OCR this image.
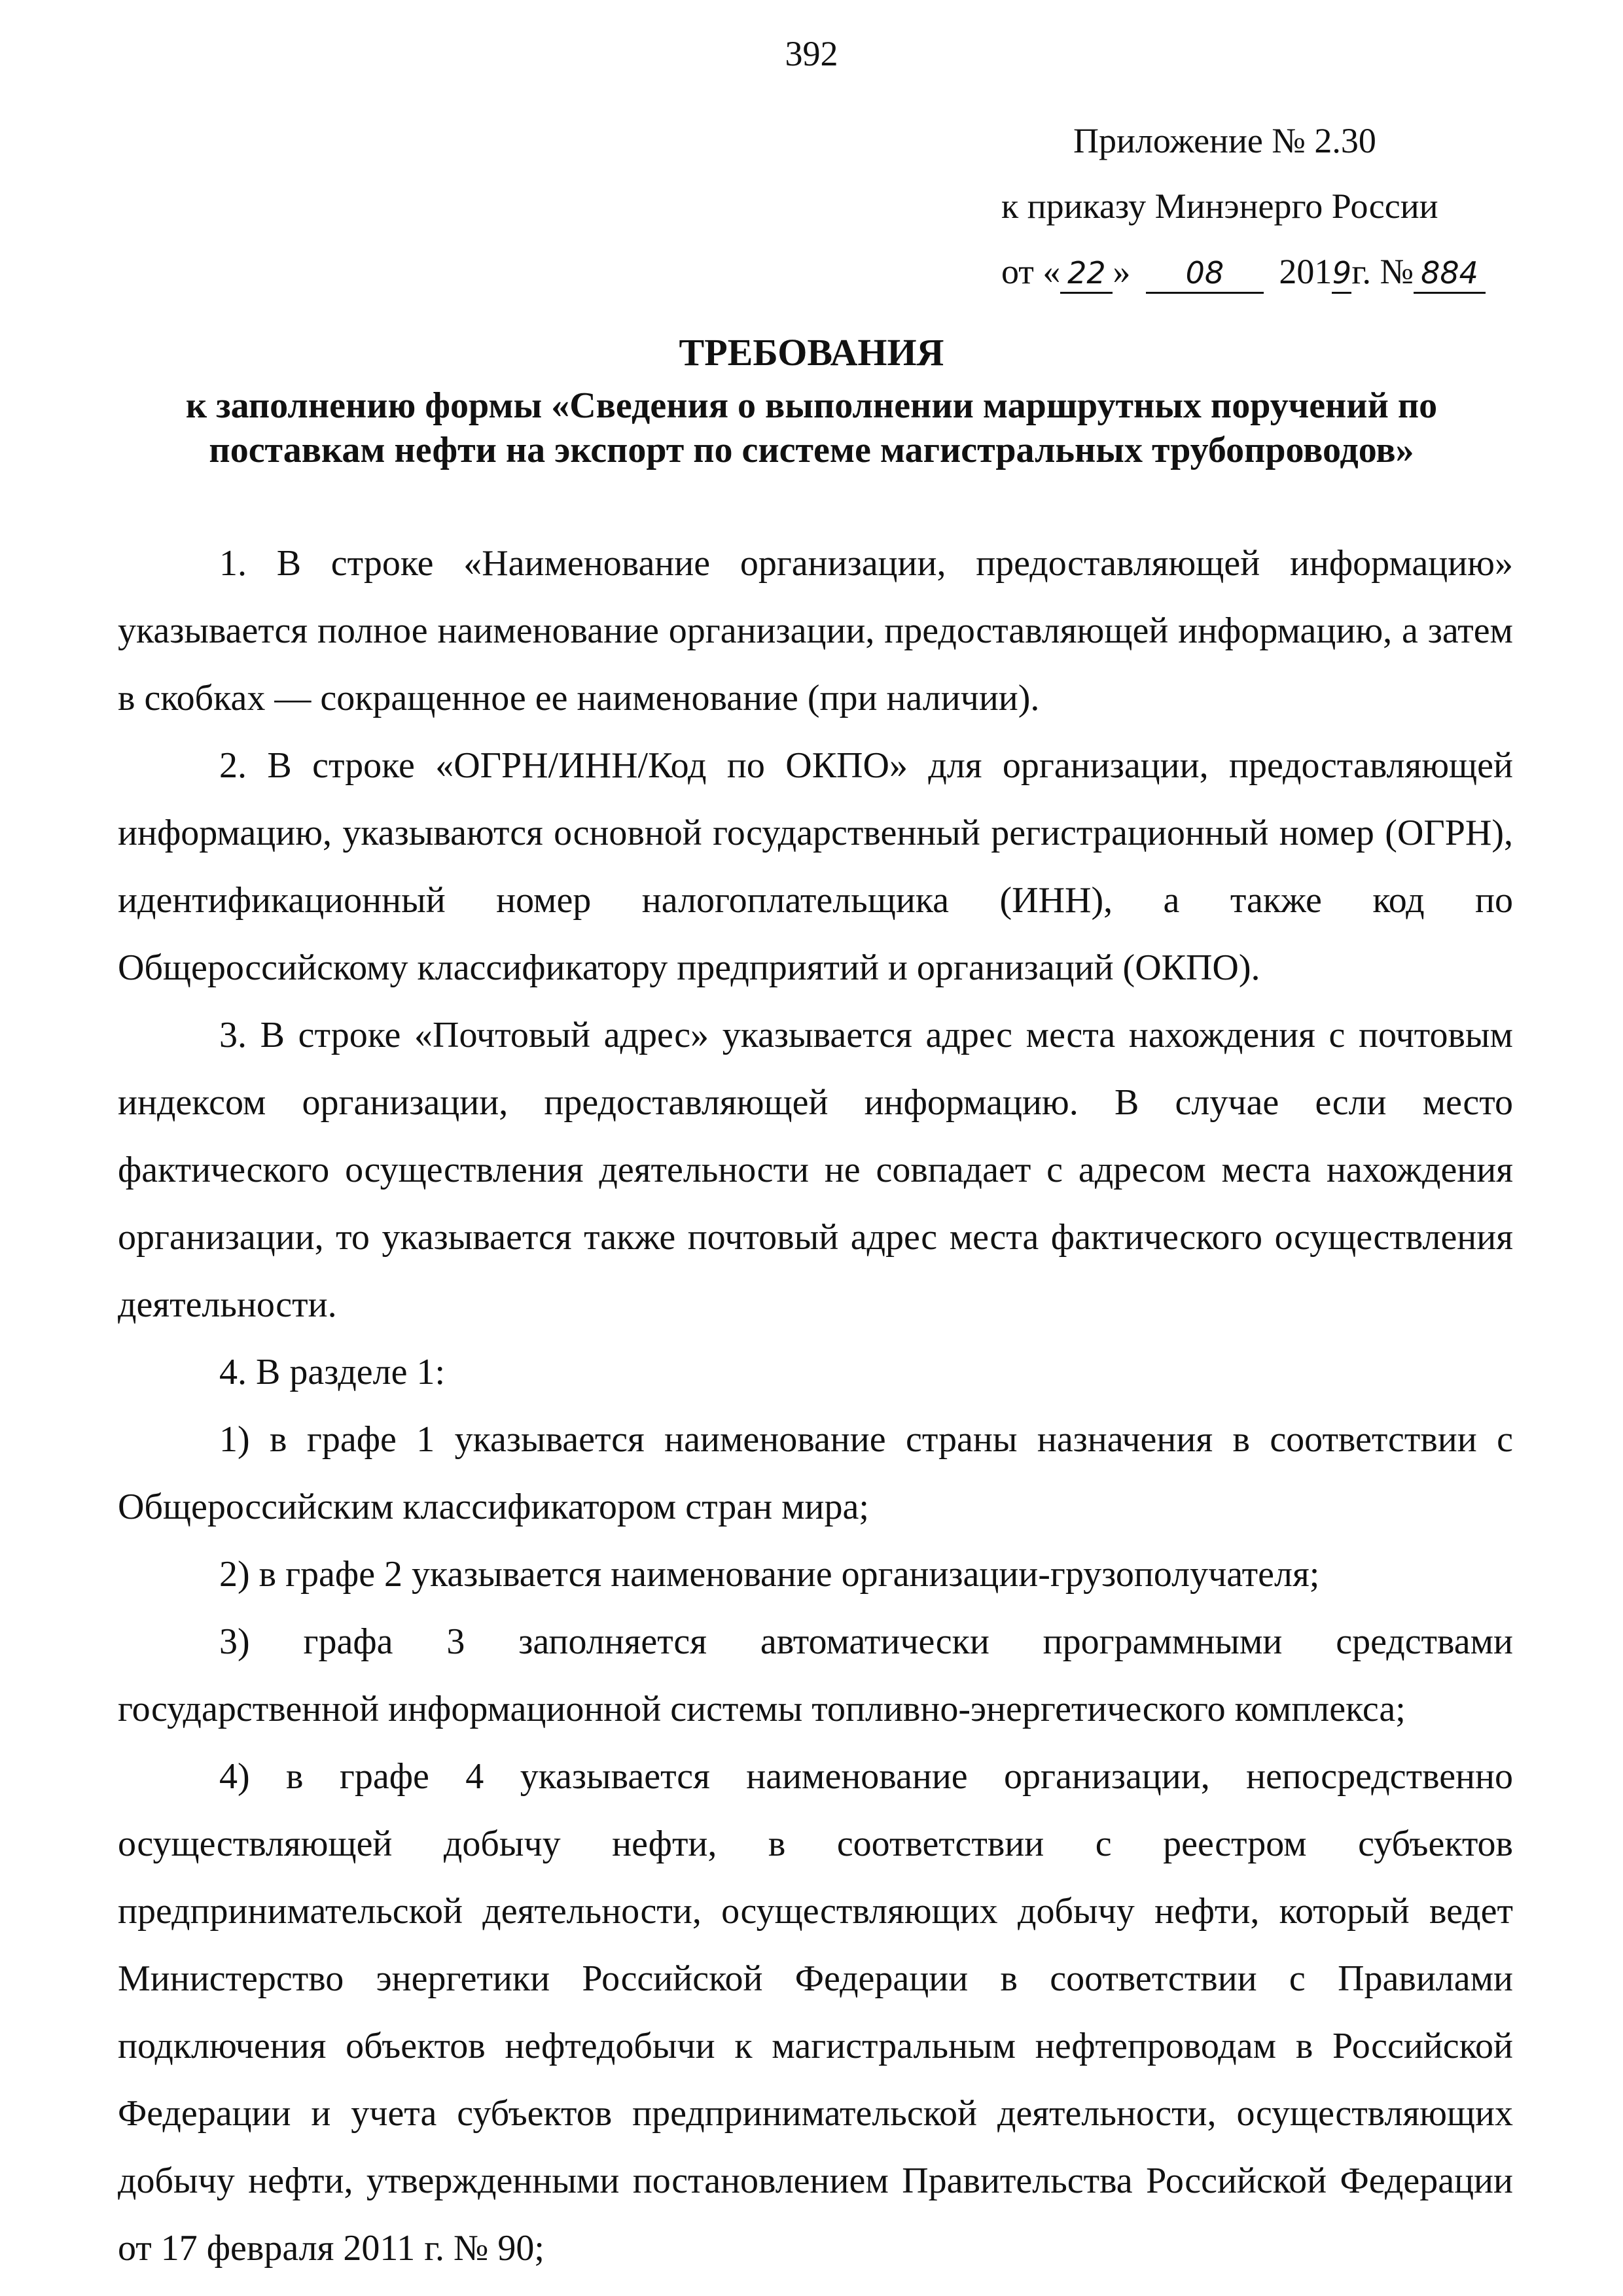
392
Приложение № 2.30
к приказу Минэнерго России
от « 22 » 08 2019г. № 884
ТРЕБОВАНИЯ
к заполнению формы «Сведения о выполнении маршрутных поручений по
поставкам нефти на экспорт по системе магистральных трубопроводов»

1. В строке «Наименование организации, предоставляющей информацию» указывается полное наименование организации, предоставляющей информацию, а затем в скобках — сокращенное ее наименование (при наличии).

2. В строке «ОГРН/ИНН/Код по ОКПО» для организации, предоставляющей информацию, указываются основной государственный регистрационный номер (ОГРН), идентификационный номер налогоплательщика (ИНН), а также код по Общероссийскому классификатору предприятий и организаций (ОКПО).

3. В строке «Почтовый адрес» указывается адрес места нахождения с почтовым индексом организации, предоставляющей информацию. В случае если место фактического осуществления деятельности не совпадает с адресом места нахождения организации, то указывается также почтовый адрес места фактического осуществления деятельности.

4. В разделе 1:

1) в графе 1 указывается наименование страны назначения в соответствии с Общероссийским классификатором стран мира;

2) в графе 2 указывается наименование организации-грузополучателя;

3) графа 3 заполняется автоматически программными средствами государственной информационной системы топливно-энергетического комплекса;

4) в графе 4 указывается наименование организации, непосредственно осуществляющей добычу нефти, в соответствии с реестром субъектов предпринимательской деятельности, осуществляющих добычу нефти, который ведет Министерство энергетики Российской Федерации в соответствии с Правилами подключения объектов нефтедобычи к магистральным нефтепроводам в Российской Федерации и учета субъектов предпринимательской деятельности, осуществляющих добычу нефти, утвержденными постановлением Правительства Российской Федерации от 17 февраля 2011 г. № 90;
